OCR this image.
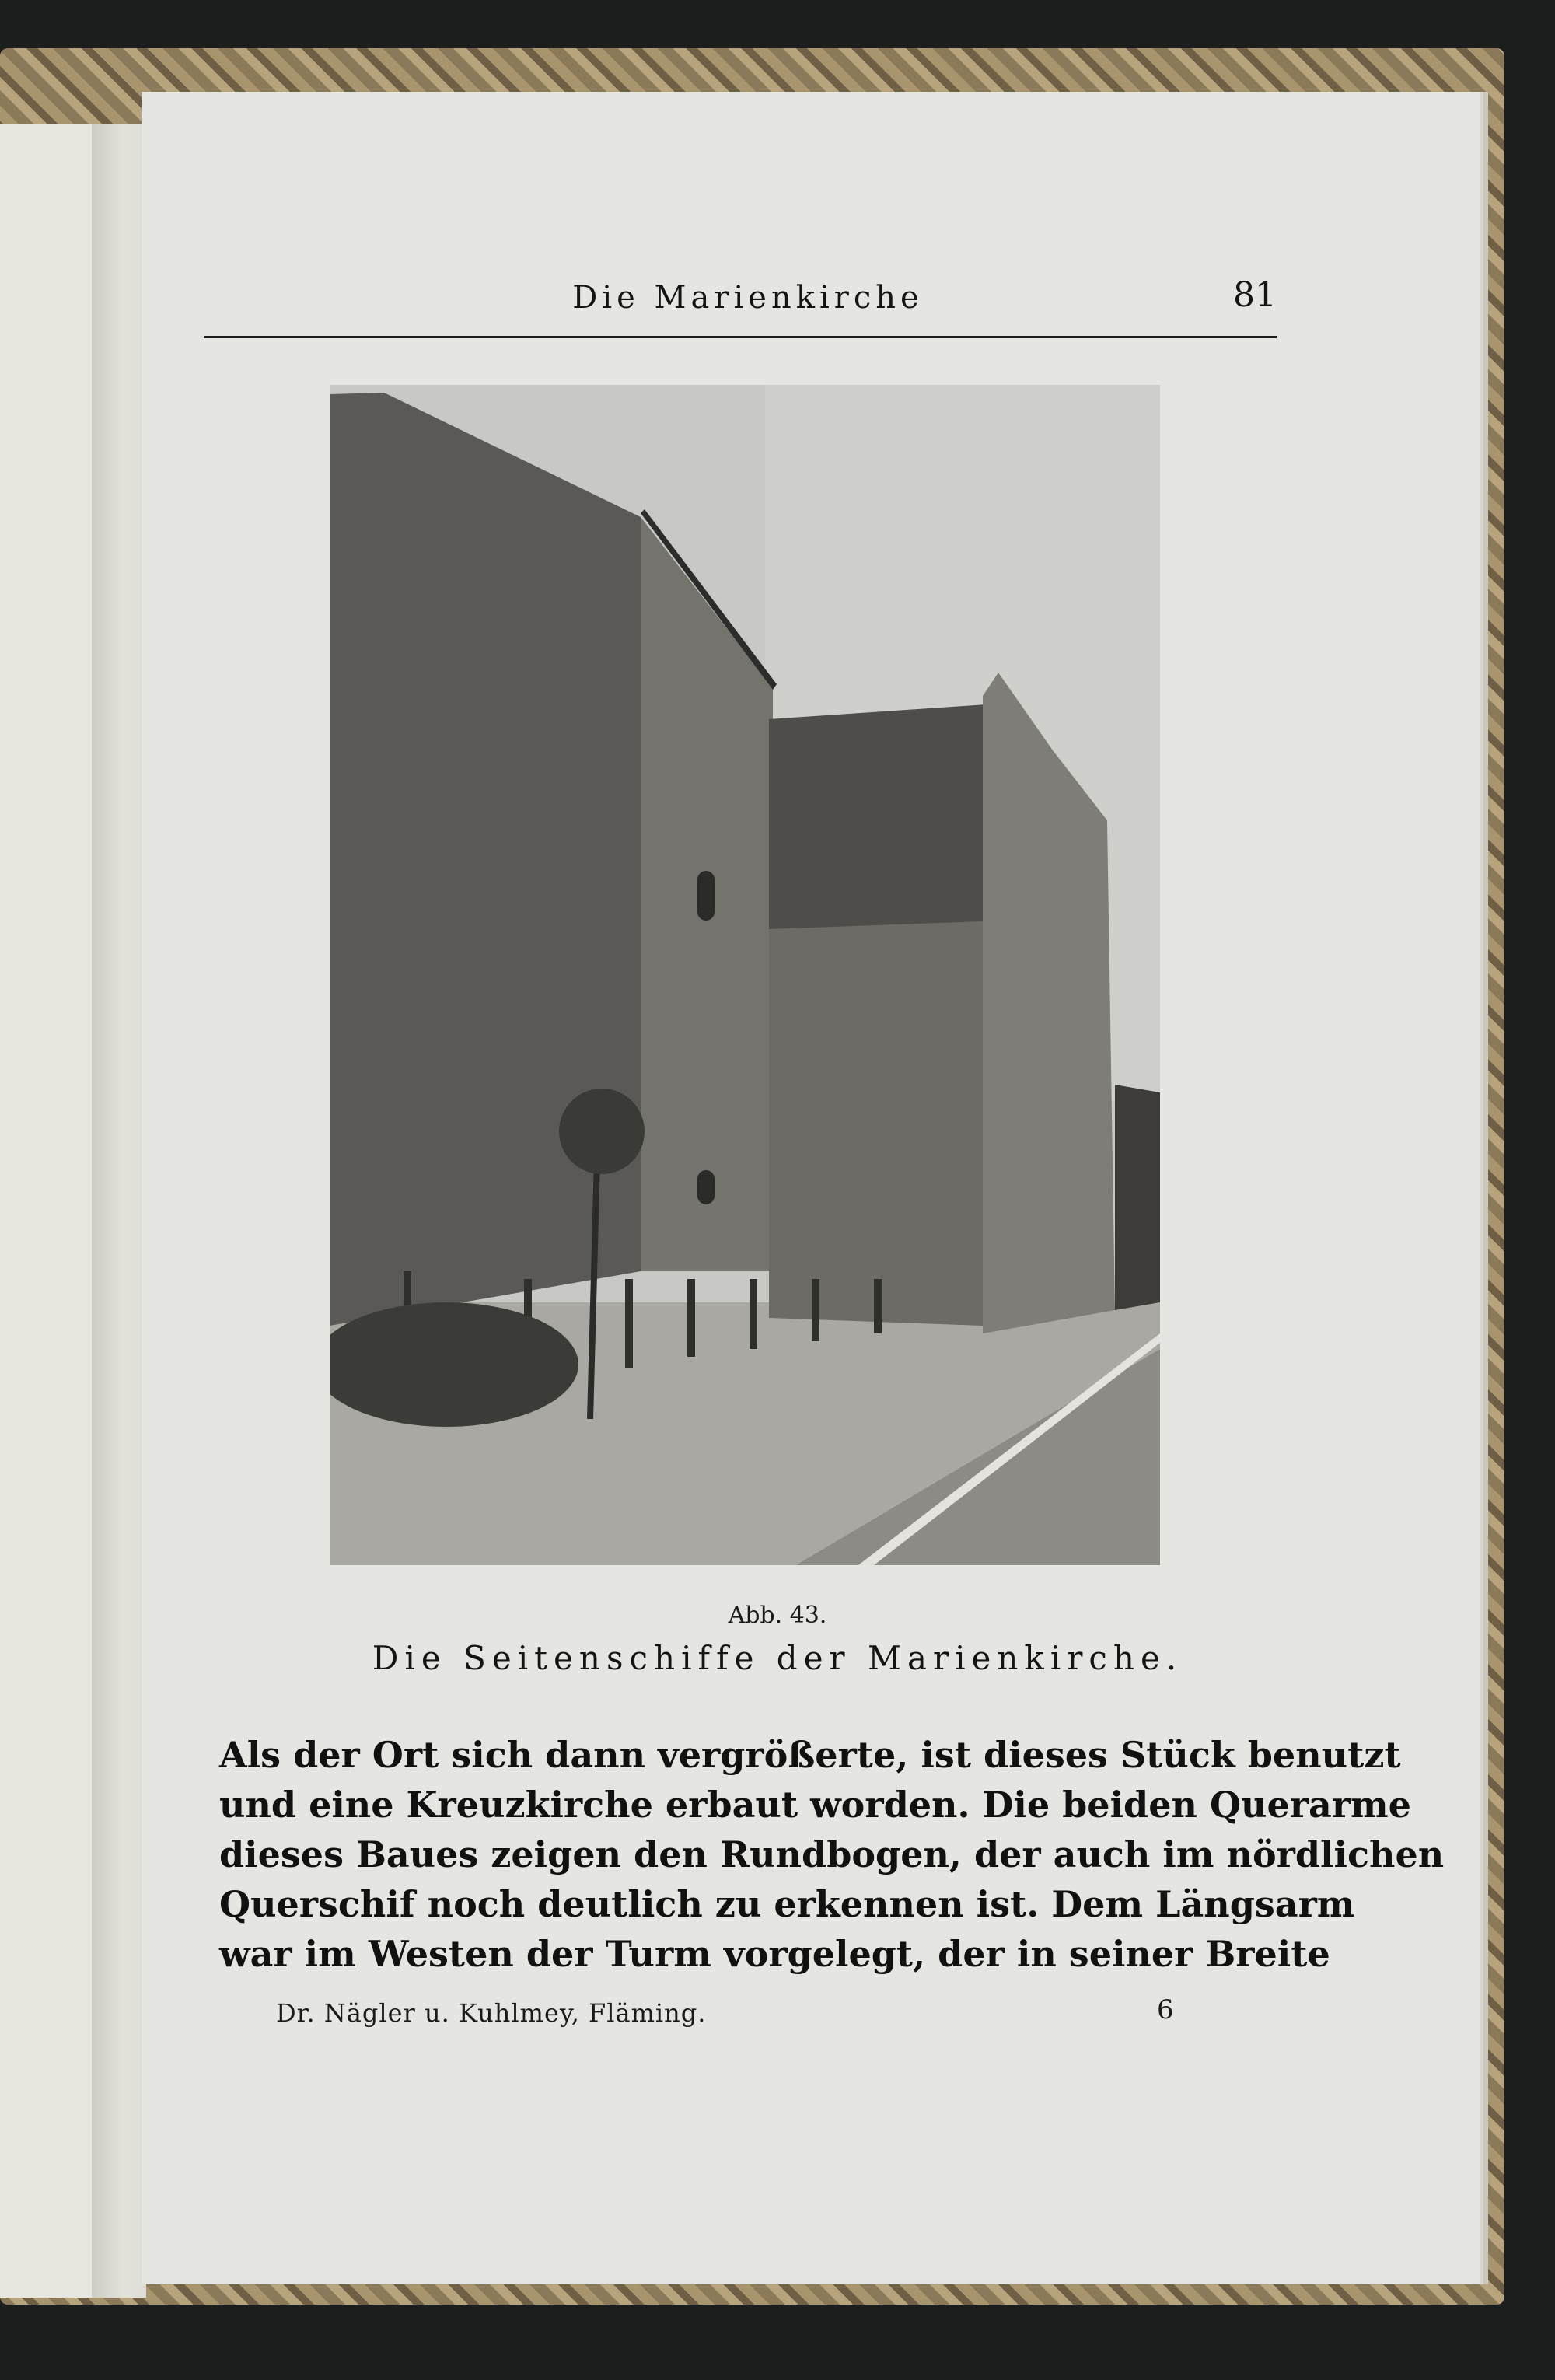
Die Marienkirche	81
Abb. 43.
Die Seitenschiffe der Marienkirche.
Als der Ort sich dann vergrößerte, ist dieses Stück benutzt
und eine Kreuzkirche erbaut worden. Die beiden Querarme
dieses Baues zeigen den Rundbogen, der auch im nördlichen
Querschif noch deutlich zu erkennen ist. Dem Längsarm
war im Westen der Turm vorgelegt, der in seiner Breite
Dr. Nägler u. Kuhlmey, Fläming.	6
